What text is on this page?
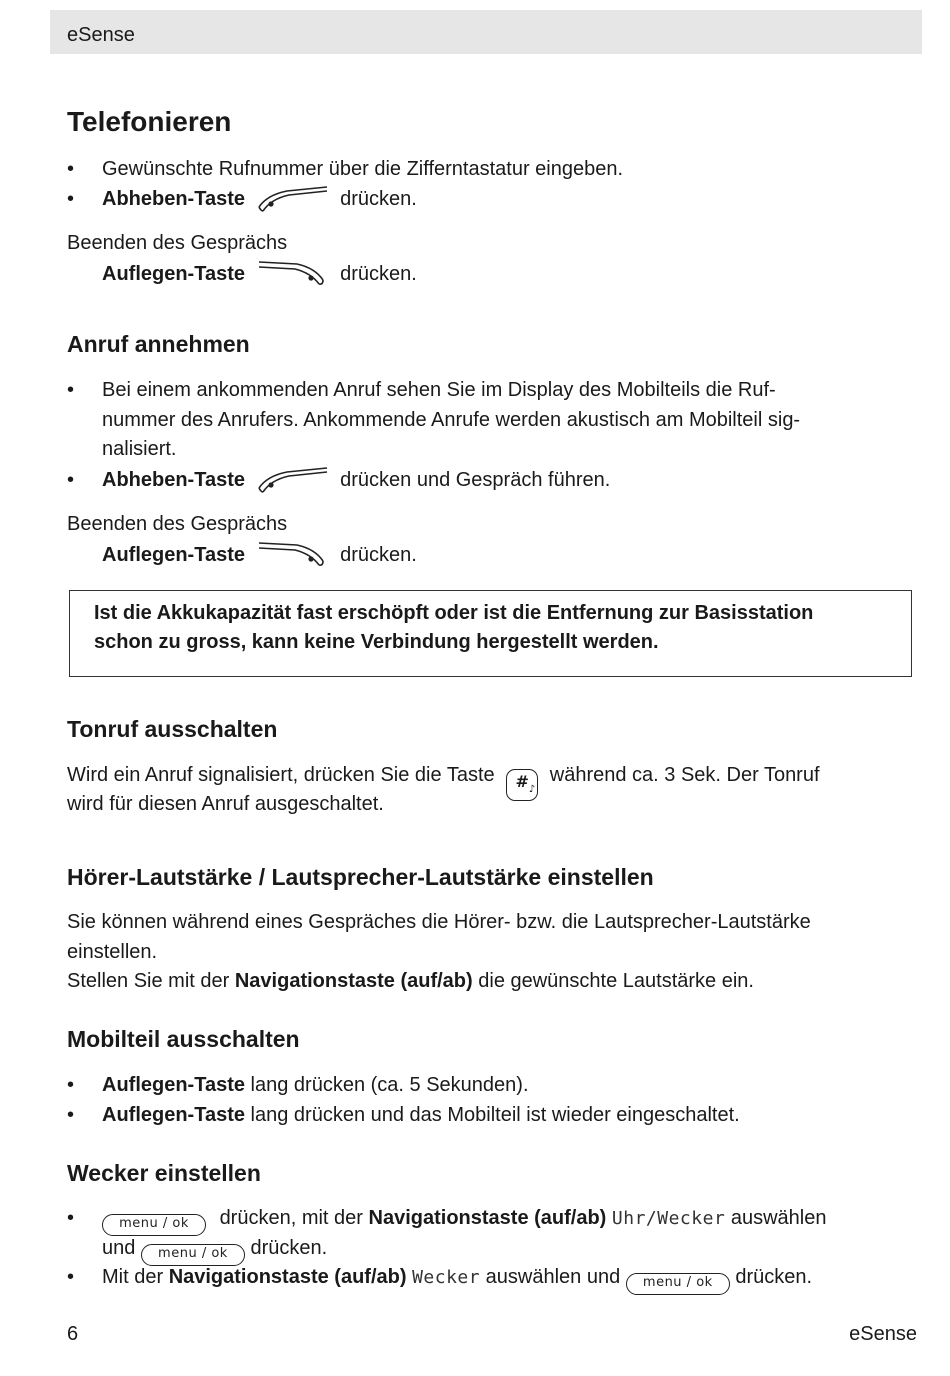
eSense
Telefonieren
• Gewünschte Rufnummer über die Zifferntastatur eingeben.
• Abheben-Taste	drücken.
Beenden des Gesprächs
Auflegen-Taste	drücken.
Anruf annehmen
• Bei einem ankommenden Anruf sehen Sie im Display des Mobilteils die Ruf-
nummer des Anrufers. Ankommende Anrufe werden akustisch am Mobilteil sig-
nalisiert.
• Abheben-Taste	drücken und Gespräch führen.
Beenden des Gesprächs
Auflegen-Taste	drücken.
Ist die Akkukapazität fast erschöpft oder ist die Entfernung zur Basisstation
schon zu gross, kann keine Verbindung hergestellt werden.
Tonruf ausschalten
Wird ein Anruf signalisiert, drücken Sie die Taste # ♪
während ca. 3 Sek. Der Tonruf
wird für diesen Anruf ausgeschaltet.
Hörer-Lautstärke / Lautsprecher-Lautstärke einstellen
Sie können während eines Gespräches die Hörer- bzw. die Lautsprecher-Lautstärke
einstellen.
Stellen Sie mit der Navigationstaste (auf/ab) die gewünschte Lautstärke ein.
Mobilteil ausschalten
• Auflegen-Taste lang drücken (ca. 5 Sekunden).
• Auflegen-Taste lang drücken und das Mobilteil ist wieder eingeschaltet.
Wecker einstellen
•	menu / ok drücken, mit der Navigationstaste (auf/ab) Uhr/Wecker auswählen
und menu / ok drücken.
• Mit der Navigationstaste (auf/ab) Wecker auswählen und menu / ok drücken.
6	eSense
